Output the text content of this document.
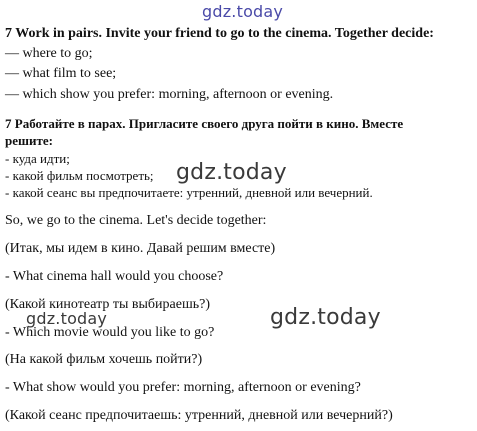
gdz.today
7 Work in pairs. Invite your friend to go to the cinema. Together decide:
— where to go;
— what film to see;
— which show you prefer: morning, afternoon or evening.
7 Работайте в парах. Пригласите своего друга пойти в кино. Вместе
решите:
- куда идти;
- какой фильм посмотреть;
- какой сеанс вы предпочитаете: утренний, дневной или вечерний.
So, we go to the cinema. Let's decide together:
(Итак, мы идем в кино. Давай решим вместе)
- What cinema hall would you choose?
(Какой кинотеатр ты выбираешь?)
- Which movie would you like to go?
(На какой фильм хочешь пойти?)
- What show would you prefer: morning, afternoon or evening?
(Какой сеанс предпочитаешь: утренний, дневной или вечерний?)
gdz.today
gdz.today
gdz.today
